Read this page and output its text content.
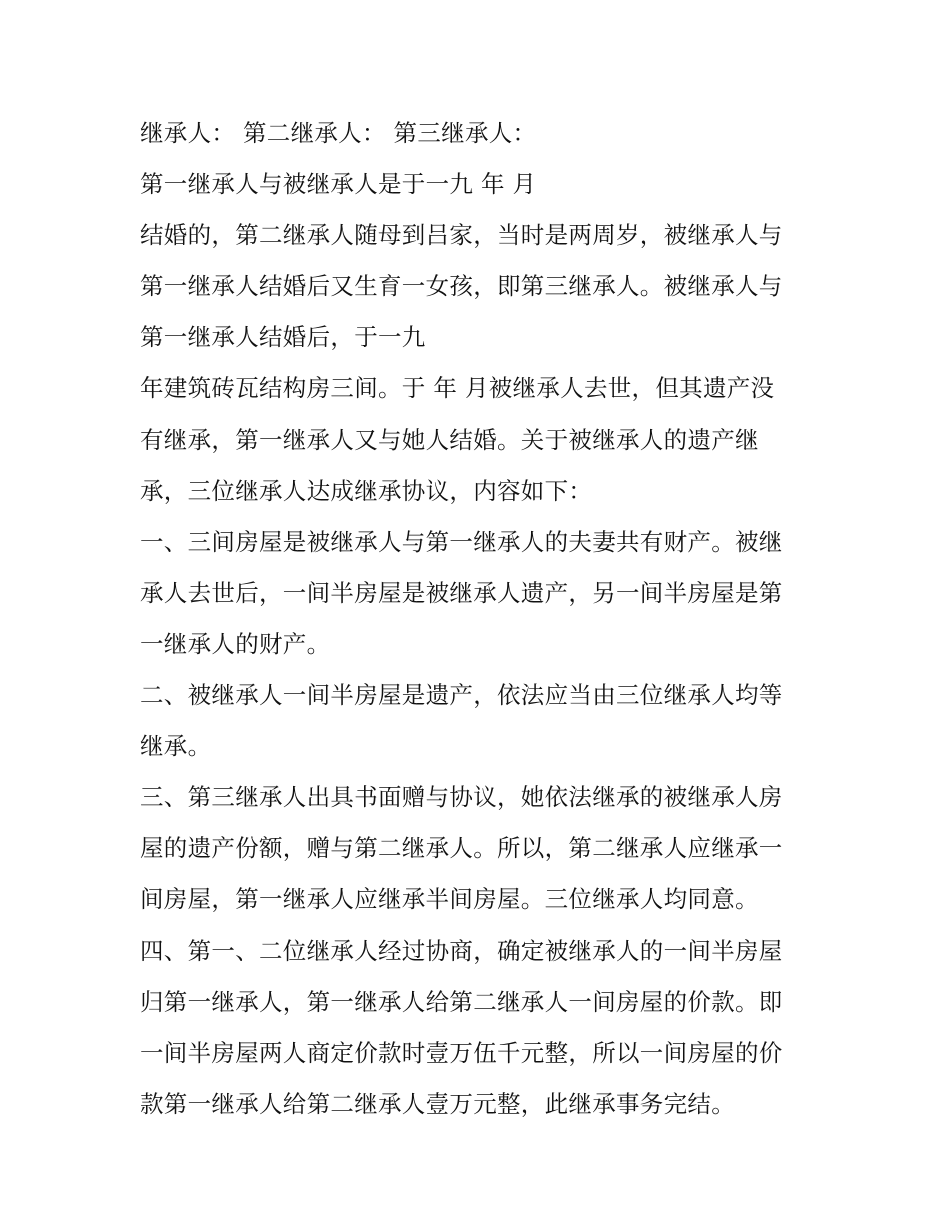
继承人： 第二继承人： 第三继承人：
第一继承人与被继承人是于一九 年 月
结婚的，第二继承人随母到吕家，当时是两周岁，被继承人与
第一继承人结婚后又生育一女孩，即第三继承人。被继承人与
第一继承人结婚后，于一九
年建筑砖瓦结构房三间。于 年 月被继承人去世，但其遗产没
有继承，第一继承人又与她人结婚。关于被继承人的遗产继
承，三位继承人达成继承协议，内容如下：
一、三间房屋是被继承人与第一继承人的夫妻共有财产。被继
承人去世后，一间半房屋是被继承人遗产，另一间半房屋是第
一继承人的财产。
二、被继承人一间半房屋是遗产，依法应当由三位继承人均等
继承。
三、第三继承人出具书面赠与协议，她依法继承的被继承人房
屋的遗产份额，赠与第二继承人。所以，第二继承人应继承一
间房屋，第一继承人应继承半间房屋。三位继承人均同意。
四、第一、二位继承人经过协商，确定被继承人的一间半房屋
归第一继承人，第一继承人给第二继承人一间房屋的价款。即
一间半房屋两人商定价款时壹万伍千元整，所以一间房屋的价
款第一继承人给第二继承人壹万元整，此继承事务完结。
